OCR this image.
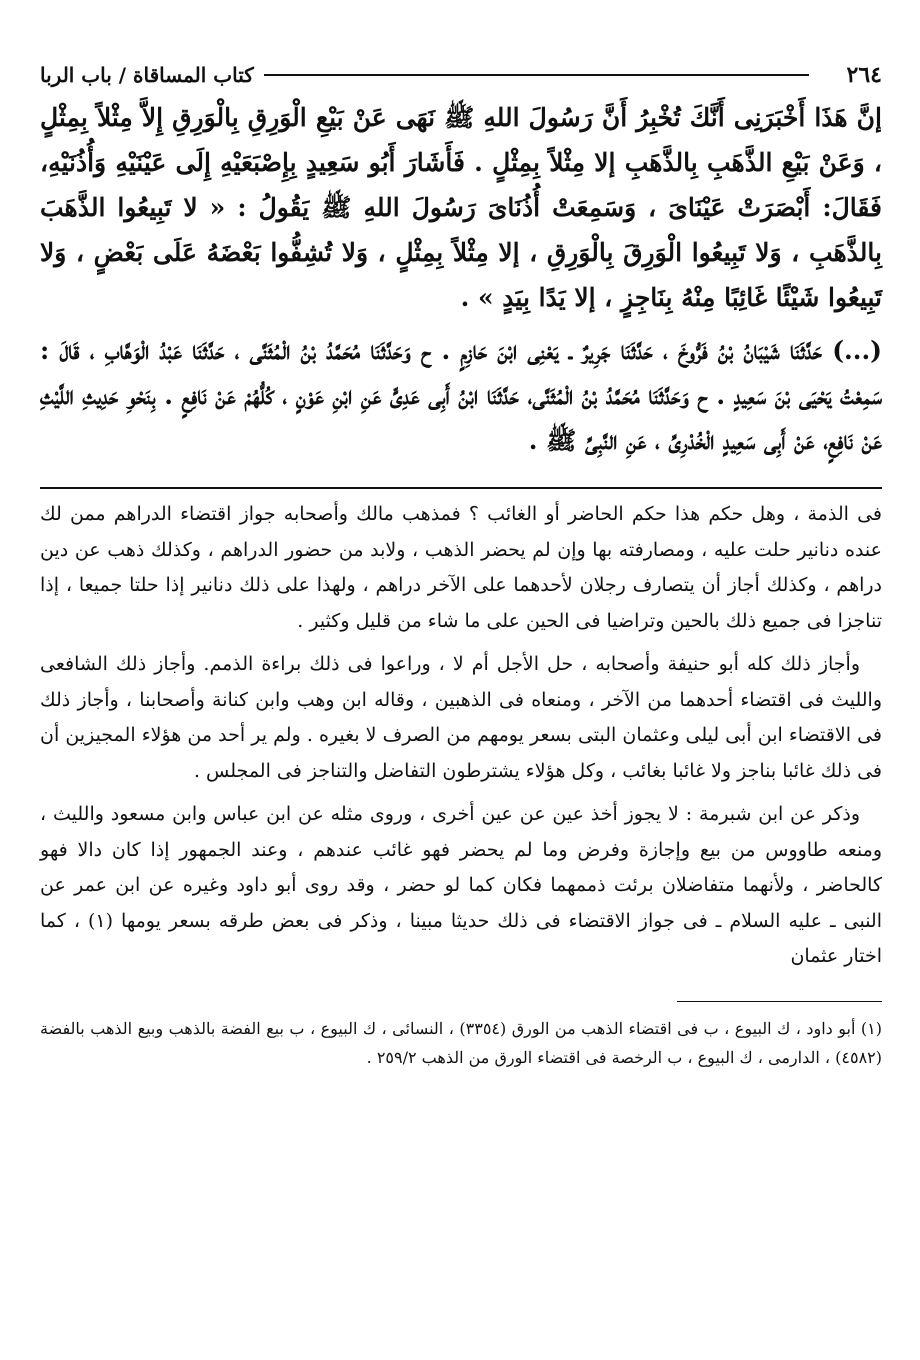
٢٦٤
كتاب المساقاة / باب الربا

إنَّ هَذَا أَخْبَرَنِى أَنَّكَ تُخْبِرُ أَنَّ رَسُولَ اللهِ ﷺ نَهَى عَنْ بَيْعِ الْوَرِقِ بِالْوَرِقِ إِلاَّ مِثْلاً بِمِثْلٍ ، وَعَنْ بَيْعِ الذَّهَبِ بِالذَّهَبِ إلا مِثْلاً بِمِثْلٍ . فَأَشَارَ أَبُو سَعِيدٍ بِإِصْبَعَيْهِ إِلَى عَيْنَيْهِ وَأُذُنَيْهِ، فَقَالَ: أَبْصَرَتْ عَيْنَاىَ ، وَسَمِعَتْ أُذُنَاىَ رَسُولَ اللهِ ﷺ يَقُولُ : « لا تَبِيعُوا الذَّهَبَ بِالذَّهَبِ ، وَلا تَبِيعُوا الْوَرِقَ بِالْوَرِقِ ، إلا مِثْلاً بِمِثْلٍ ، وَلا تُشِفُّوا بَعْضَهُ عَلَى بَعْضٍ ، وَلا تَبِيعُوا شَيْئًا غَائِبًا مِنْهُ بِنَاجِزٍ ، إلا يَدًا بِيَدٍ » .

(...) حَدَّثَنَا شَيْبَانُ بْنُ فَرُّوخَ ، حَدَّثَنَا جَرِيرٌ ـ يَعْنِى ابْنَ حَازِمٍ . ح وَحَدَّثَنَا مُحَمَّدُ بْنُ الْمُثَنَّى ، حَدَّثَنَا عَبْدُ الْوَهَّابِ ، قَالَ : سَمِعْتُ يَحْيَى بْنَ سَعِيدٍ . ح وَحَدَّثَنَا مُحَمَّدُ بْنُ الْمُثَنَّى، حَدَّثَنَا ابْنُ أَبِى عَدِىٍّ عَنِ ابْنِ عَوْنٍ ، كُلُّهُمْ عَنْ نَافِعٍ . بِنَحْوِ حَدِيثِ اللَّيْثِ عَنْ نَافِعٍ، عَنْ أَبِى سَعِيدٍ الْخُدْرِىِّ ، عَنِ النَّبِىِّ ﷺ .

فى الذمة ، وهل حكم هذا حكم الحاضر أو الغائب ؟ فمذهب مالك وأصحابه جواز اقتضاء الدراهم ممن لك عنده دنانير حلت عليه ، ومصارفته بها وإن لم يحضر الذهب ، ولابد من حضور الدراهم ، وكذلك ذهب عن دين دراهم ، وكذلك أجاز أن يتصارف رجلان لأحدهما على الآخر دراهم ، ولهذا على ذلك دنانير إذا حلتا جميعا ، إذا تناجزا فى جميع ذلك بالحين وتراضيا فى الحين على ما شاء من قليل وكثير .

وأجاز ذلك كله أبو حنيفة وأصحابه ، حل الأجل أم لا ، وراعوا فى ذلك براءة الذمم. وأجاز ذلك الشافعى والليث فى اقتضاء أحدهما من الآخر ، ومنعاه فى الذهبين ، وقاله ابن وهب وابن كنانة وأصحابنا ، وأجاز ذلك فى الاقتضاء ابن أبى ليلى وعثمان البتى بسعر يومهم من الصرف لا بغيره . ولم ير أحد من هؤلاء المجيزين أن فى ذلك غائبا بناجز ولا غائبا بغائب ، وكل هؤلاء يشترطون التفاضل والتناجز فى المجلس .

وذكر عن ابن شبرمة : لا يجوز أخذ عين عن عين أخرى ، وروى مثله عن ابن عباس وابن مسعود والليث ، ومنعه طاووس من بيع وإجازة وفرض وما لم يحضر فهو غائب عندهم ، وعند الجمهور إذا كان دالا فهو كالحاضر ، ولأنهما متفاضلان برئت ذممهما فكان كما لو حضر ، وقد روى أبو داود وغيره عن ابن عمر عن النبى ـ عليه السلام ـ فى جواز الاقتضاء فى ذلك حديثا مبينا ، وذكر فى بعض طرقه بسعر يومها (١) ، كما اختار عثمان

(١) أبو داود ، ك البيوع ، ب فى اقتضاء الذهب من الورق (٣٣٥٤) ، النسائى ، ك البيوع ، ب بيع الفضة بالذهب وبيع الذهب بالفضة (٤٥٨٢) ، الدارمى ، ك البيوع ، ب الرخصة فى اقتضاء الورق من الذهب ٢٥٩/٢ .
